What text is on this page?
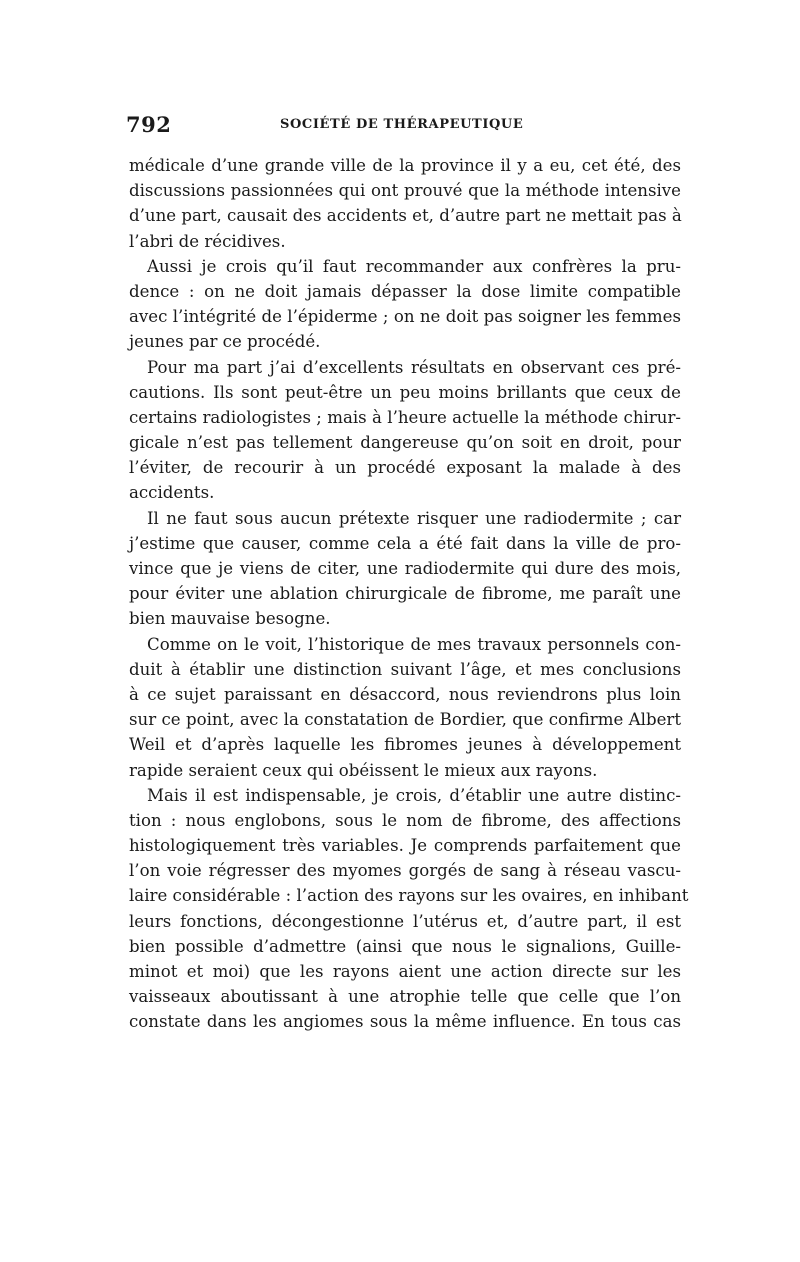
792	SOCIÉTÉ DE THÉRAPEUTIQUE
médicale d’une grande ville de la province il y a eu, cet été, des
discussions passionnées qui ont prouvé que la méthode intensive
d’une part, causait des accidents et, d’autre part ne mettait pas à
l’abri de récidives.
Aussi je crois qu’il faut recommander aux confrères la pru-
dence : on ne doit jamais dépasser la dose limite compatible
avec l’intégrité de l’épiderme ; on ne doit pas soigner les femmes
jeunes par ce procédé.
Pour ma part j’ai d’excellents résultats en observant ces pré-
cautions. Ils sont peut-être un peu moins brillants que ceux de
certains radiologistes ; mais à l’heure actuelle la méthode chirur-
gicale n’est pas tellement dangereuse qu’on soit en droit, pour
l’éviter, de recourir à un procédé exposant la malade à des
accidents.
Il ne faut sous aucun prétexte risquer une radiodermite ; car
j’estime que causer, comme cela a été fait dans la ville de pro-
vince que je viens de citer, une radiodermite qui dure des mois,
pour éviter une ablation chirurgicale de fibrome, me paraît une
bien mauvaise besogne.
Comme on le voit, l’historique de mes travaux personnels con-
duit à établir une distinction suivant l’âge, et mes conclusions
à ce sujet paraissant en désaccord, nous reviendrons plus loin
sur ce point, avec la constatation de Bordier, que confirme Albert
Weil et d’après laquelle les fibromes jeunes à développement
rapide seraient ceux qui obéissent le mieux aux rayons.
Mais il est indispensable, je crois, d’établir une autre distinc-
tion : nous englobons, sous le nom de fibrome, des affections
histologiquement très variables. Je comprends parfaitement que
l’on voie régresser des myomes gorgés de sang à réseau vascu-
laire considérable : l’action des rayons sur les ovaires, en inhibant
leurs fonctions, décongestionne l’utérus et, d’autre part, il est
bien possible d’admettre (ainsi que nous le signalions, Guille-
minot et moi) que les rayons aient une action directe sur les
vaisseaux aboutissant à une atrophie telle que celle que l’on
constate dans les angiomes sous la même influence. En tous cas
